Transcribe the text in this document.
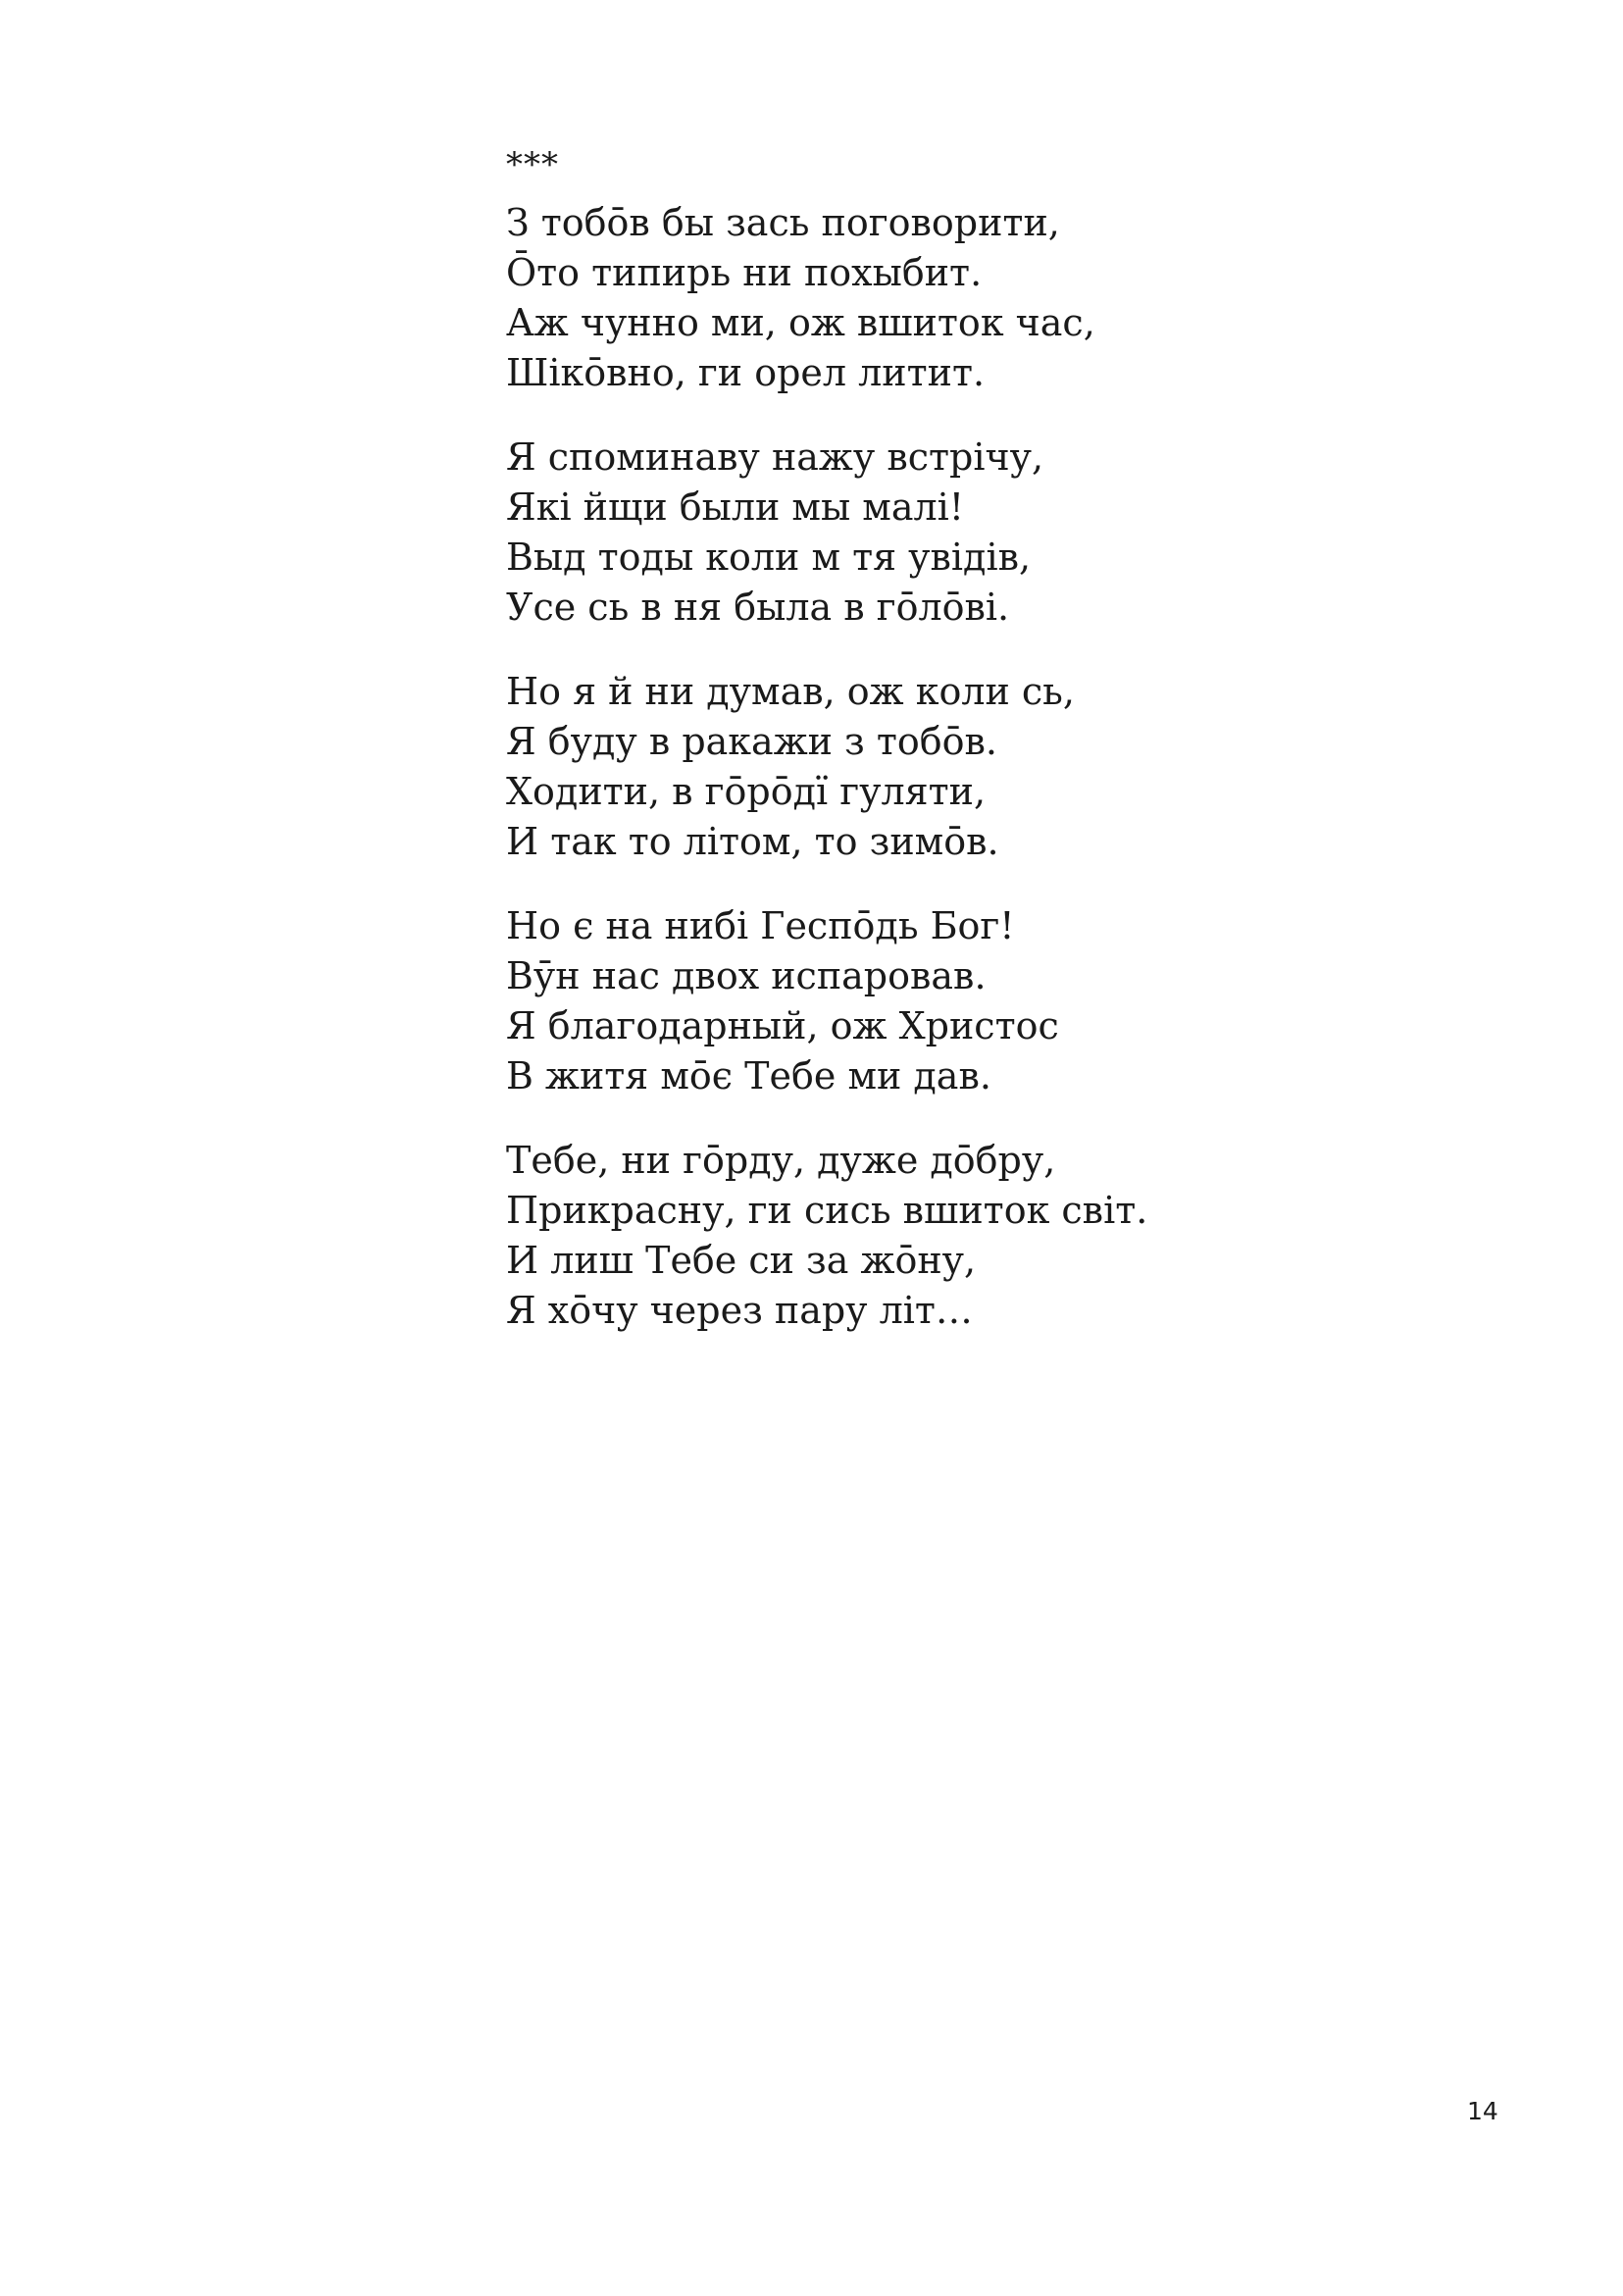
***
З тобо̄в бы зась поговорити,
О̄то типирь ни похыбит.
Аж чунно ми, ож вшиток час,
Шіко̄вно, ги орел литит.
Я споминаву нажу встрічу,
Які йщи были мы малі!
Выд тоды коли м тя увідів,
Усе сь в ня была в го̄ло̄ві.
Но я й ни думав, ож коли сь,
Я буду в ракажи з тобо̄в.
Ходити, в го̄ро̄дї гуляти,
И так то літом, то зимо̄в.
Но є на нибі Геспо̄дь Бог!
Вӯн нас двох испаровав.
Я благодарный, ож Христос
В житя мо̄є Тебе ми дав.
Тебе, ни го̄рду, дуже до̄бру,
Прикрасну, ги сись вшиток світ.
И лиш Тебе си за жо̄ну,
Я хо̄чу через пару літ…
14
